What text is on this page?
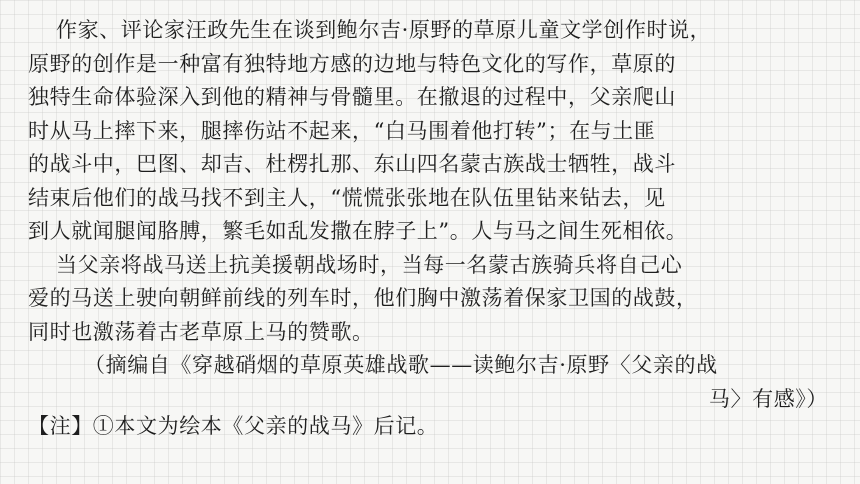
作家、评论家汪政先生在谈到鲍尔吉·原野的草原儿童文学创作时说，
原野的创作是一种富有独特地方感的边地与特色文化的写作，草原的
独特生命体验深入到他的精神与骨髓里。在撤退的过程中，父亲爬山
时从马上摔下来，腿摔伤站不起来，“白马围着他打转”；在与土匪
的战斗中，巴图、却吉、杜楞扎那、东山四名蒙古族战士牺牲，战斗
结束后他们的战马找不到主人，“慌慌张张地在队伍里钻来钻去，见
到人就闻腿闻胳膊，繁毛如乱发撒在脖子上”。人与马之间生死相依。
当父亲将战马送上抗美援朝战场时，当每一名蒙古族骑兵将自己心
爱的马送上驶向朝鲜前线的列车时，他们胸中激荡着保家卫国的战鼓，
同时也激荡着古老草原上马的赞歌。
（摘编自《穿越硝烟的草原英雄战歌——读鲍尔吉·原野〈父亲的战
马〉有感》）
【注】①本文为绘本《父亲的战马》后记。
